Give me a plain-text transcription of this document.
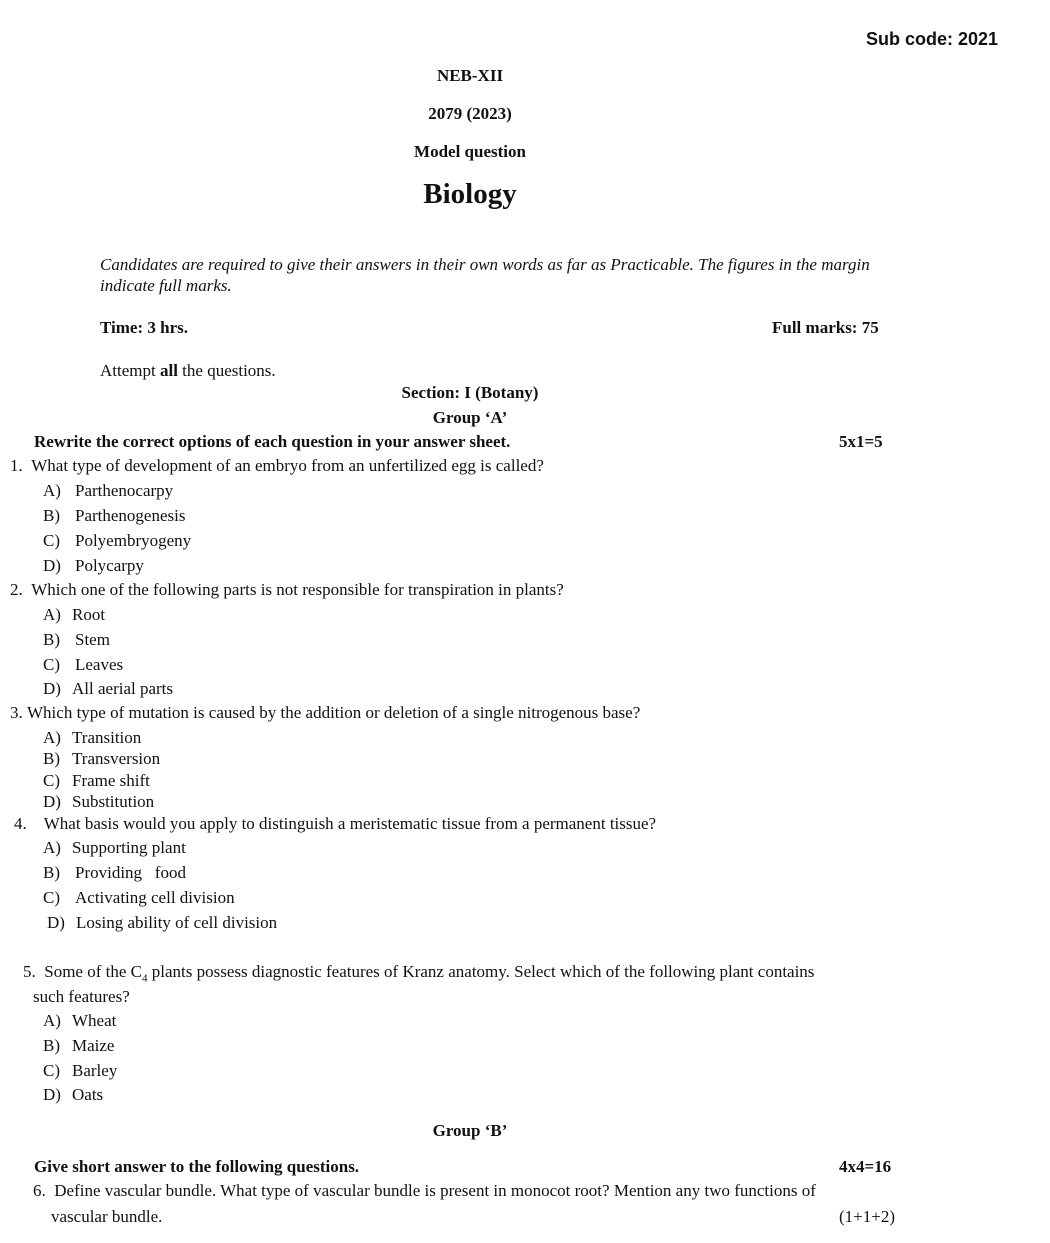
Sub code: 2021
NEB-XII
2079 (2023)
Model question
Biology
Candidates are required to give their answers in their own words as far as Practicable. The figures in the margin indicate full marks.
Time: 3 hrs.	Full marks: 75
Attempt all the questions.
Section: I (Botany)
Group ‘A’
Rewrite the correct options of each question in your answer sheet.	5x1=5
1. What type of development of an embryo from an unfertilized egg is called?
A) Parthenocarpy
B) Parthenogenesis
C) Polyembryogeny
D) Polycarpy
2. Which one of the following parts is not responsible for transpiration in plants?
A) Root
B) Stem
C) Leaves
D) All aerial parts
3. Which type of mutation is caused by the addition or deletion of a single nitrogenous base?
A) Transition
B) Transversion
C) Frame shift
D) Substitution
4. What basis would you apply to distinguish a meristematic tissue from a permanent tissue?
A) Supporting plant
B) Providing   food
C) Activating cell division
D) Losing ability of cell division
5. Some of the $C_4$ plants possess diagnostic features of Kranz anatomy. Select which of the following plant contains
such features?
A) Wheat
B) Maize
C) Barley
D) Oats
Group ‘B’
Give short answer to the following questions.	4x4=16
6. Define vascular bundle. What type of vascular bundle is present in monocot root? Mention any two functions of
vascular bundle.	(1+1+2)
